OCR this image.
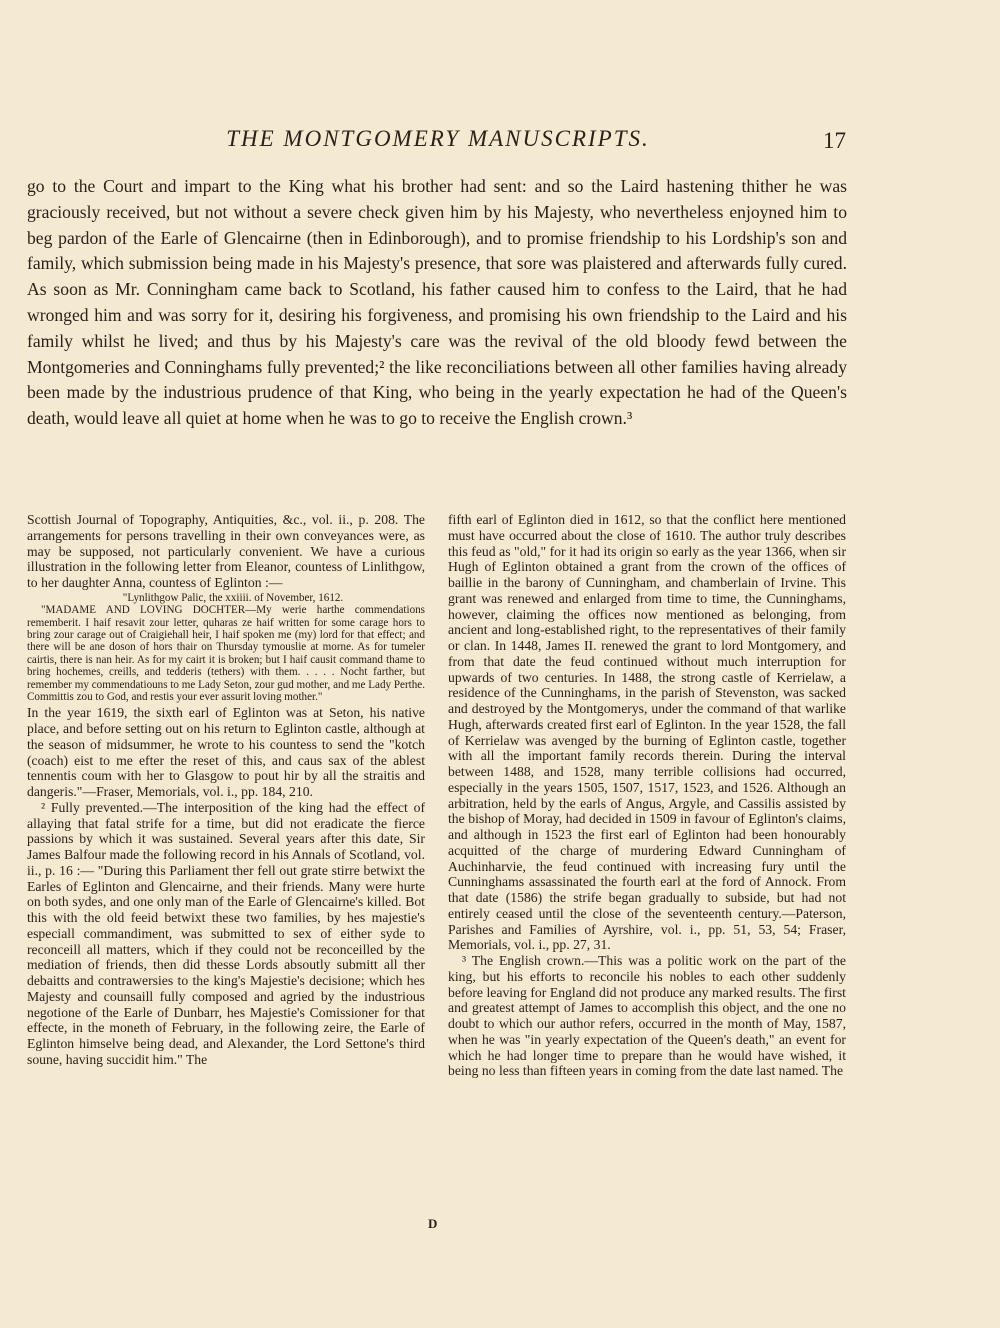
THE MONTGOMERY MANUSCRIPTS.	17

go to the Court and impart to the King what his brother had sent: and so the Laird hastening thither he was graciously received, but not without a severe check given him by his Majesty, who nevertheless enjoyned him to beg pardon of the Earle of Glencairne (then in Edinborough), and to promise friendship to his Lordship's son and family, which submission being made in his Majesty's presence, that sore was plaistered and afterwards fully cured. As soon as Mr. Conningham came back to Scotland, his father caused him to confess to the Laird, that he had wronged him and was sorry for it, desiring his forgiveness, and promising his own friendship to the Laird and his family whilst he lived; and thus by his Majesty's care was the revival of the old bloody fewd between the Montgomeries and Conninghams fully prevented;² the like reconciliations between all other families having already been made by the industrious prudence of that King, who being in the yearly expectation he had of the Queen's death, would leave all quiet at home when he was to go to receive the English crown.³

Scottish Journal of Topography, Antiquities, &c., vol. ii., p. 208. The arrangements for persons travelling in their own conveyances were, as may be supposed, not particularly convenient. We have a curious illustration in the following letter from Eleanor, countess of Linlithgow, to her daughter Anna, countess of Eglinton :—

"Lynlithgow Palic, the xxiiii. of November, 1612.

"MADAME AND LOVING DOCHTER—My werie harthe commendations rememberit. I haif resavit zour letter, quharas ze haif written for some carage hors to bring zour carage out of Craigiehall heir, I haif spoken me (my) lord for that effect; and there will be ane doson of hors thair on Thursday tymouslie at morne. As for tumeler cairtis, there is nan heir. As for my cairt it is broken; but I haif causit command thame to bring hochemes, creills, and tedderis (tethers) with them. . . . . Nocht farther, but remember my commendatiouns to me Lady Seton, zour gud mother, and me Lady Perthe. Committis zou to God, and restis your ever assurit loving mother."

In the year 1619, the sixth earl of Eglinton was at Seton, his native place, and before setting out on his return to Eglinton castle, although at the season of midsummer, he wrote to his countess to send the "kotch (coach) eist to me efter the reset of this, and caus sax of the ablest tennentis coum with her to Glasgow to pout hir by all the straitis and dangeris."—Fraser, Memorials, vol. i., pp. 184, 210.

² Fully prevented.—The interposition of the king had the effect of allaying that fatal strife for a time, but did not eradicate the fierce passions by which it was sustained. Several years after this date, Sir James Balfour made the following record in his Annals of Scotland, vol. ii., p. 16 :— "During this Parliament ther fell out grate stirre betwixt the Earles of Eglinton and Glencairne, and their friends. Many were hurte on both sydes, and one only man of the Earle of Glencairne's killed. Bot this with the old feeid betwixt these two families, by hes majestie's especiall commandiment, was submitted to sex of either syde to reconceill all matters, which if they could not be reconceilled by the mediation of friends, then did thesse Lords absoutly submitt all ther debaitts and contrawersies to the king's Majestie's decisione; which hes Majesty and counsaill fully composed and agried by the industrious negotione of the Earle of Dunbarr, hes Majestie's Comissioner for that effecte, in the moneth of February, in the following zeire, the Earle of Eglinton himselve being dead, and Alexander, the Lord Settone's third soune, having succidit him." The

fifth earl of Eglinton died in 1612, so that the conflict here mentioned must have occurred about the close of 1610. The author truly describes this feud as "old," for it had its origin so early as the year 1366, when sir Hugh of Eglinton obtained a grant from the crown of the offices of baillie in the barony of Cunningham, and chamberlain of Irvine. This grant was renewed and enlarged from time to time, the Cunninghams, however, claiming the offices now mentioned as belonging, from ancient and long-established right, to the representatives of their family or clan. In 1448, James II. renewed the grant to lord Montgomery, and from that date the feud continued without much interruption for upwards of two centuries. In 1488, the strong castle of Kerrielaw, a residence of the Cunninghams, in the parish of Stevenston, was sacked and destroyed by the Montgomerys, under the command of that warlike Hugh, afterwards created first earl of Eglinton. In the year 1528, the fall of Kerrielaw was avenged by the burning of Eglinton castle, together with all the important family records therein. During the interval between 1488, and 1528, many terrible collisions had occurred, especially in the years 1505, 1507, 1517, 1523, and 1526. Although an arbitration, held by the earls of Angus, Argyle, and Cassilis assisted by the bishop of Moray, had decided in 1509 in favour of Eglinton's claims, and although in 1523 the first earl of Eglinton had been honourably acquitted of the charge of murdering Edward Cunningham of Auchinharvie, the feud continued with increasing fury until the Cunninghams assassinated the fourth earl at the ford of Annock. From that date (1586) the strife began gradually to subside, but had not entirely ceased until the close of the seventeenth century.—Paterson, Parishes and Families of Ayrshire, vol. i., pp. 51, 53, 54; Fraser, Memorials, vol. i., pp. 27, 31.

³ The English crown.—This was a politic work on the part of the king, but his efforts to reconcile his nobles to each other suddenly before leaving for England did not produce any marked results. The first and greatest attempt of James to accomplish this object, and the one no doubt to which our author refers, occurred in the month of May, 1587, when he was "in yearly expectation of the Queen's death," an event for which he had longer time to prepare than he would have wished, it being no less than fifteen years in coming from the date last named. The

D
